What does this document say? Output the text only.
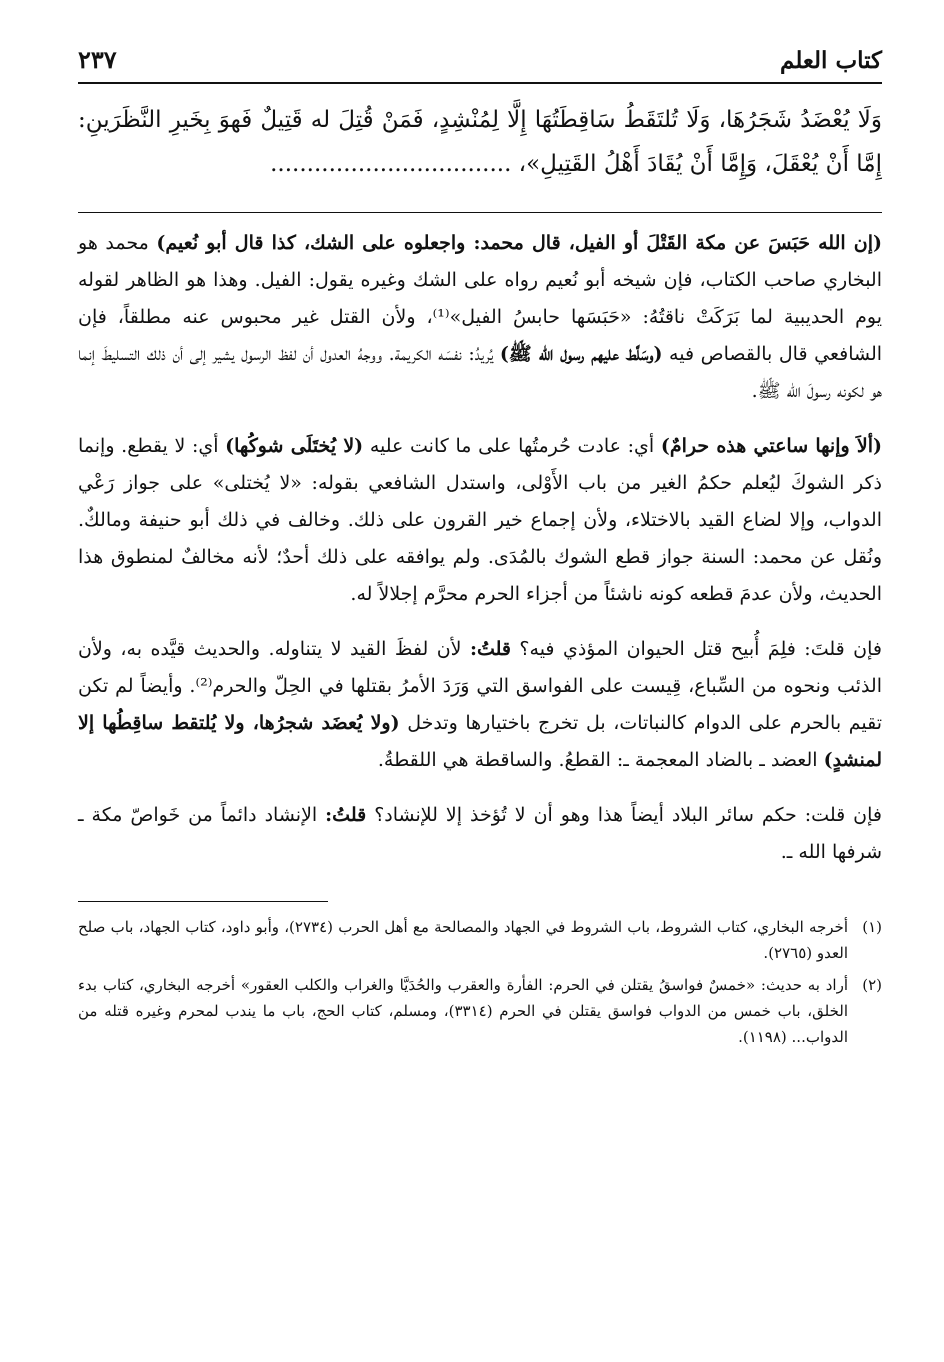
كتاب العلم
٢٣٧
وَلَا يُعْضَدُ شَجَرُهَا، وَلَا تُلتَقَطُ سَاقِطَتُهَا إِلَّا لِمُنْشِدٍ، فَمَنْ قُتِلَ له قَتِيلٌ فَهوَ بِخَيرِ النَّظَرَينِ: إِمَّا أَنْ يُعْقَلَ، وَإِمَّا أَنْ يُقَادَ أَهْلُ القَتِيلِ»، .................................

(إن الله حَبَسَ عن مكة القَتْلَ أو الفيل، قال محمد: واجعلوه على الشك، كذا قال أبو نُعيم) محمد هو البخاري صاحب الكتاب، فإن شيخه أبو نُعيم رواه على الشك وغيره يقول: الفيل. وهذا هو الظاهر لقوله يوم الحديبية لما بَرَكَتْ ناقتُهُ: «حَبَسَها حابسُ الفيل»⁽¹⁾، ولأن القتل غير محبوس عنه مطلقاً، فإن الشافعي قال بالقصاص فيه (وسَلَّط عليهم رسول الله ﷺ) يُريدُ: نفسَه الكريمة. ووجهُ العدول أن لفظ الرسول يشير إلى أن ذلك التسليطَ إنما هو لكونه رسولَ الله ﷺ.

(ألاَ وإنها ساعتي هذه حرامٌ) أي: عادت حُرمتُها على ما كانت عليه (لا يُختَلَى شوكُها) أي: لا يقطع. وإنما ذكر الشوكَ ليُعلم حكمُ الغير من باب الأَوْلى، واستدل الشافعي بقوله: «لا يُختلى» على جواز رَعْي الدواب، وإلا لضاع القيد بالاختلاء، ولأن إجماع خير القرون على ذلك. وخالف في ذلك أبو حنيفة ومالكٌ. ونُقل عن محمد: السنة جواز قطع الشوك بالمُدَى. ولم يوافقه على ذلك أحدٌ؛ لأنه مخالفٌ لمنطوق هذا الحديث، ولأن عدمَ قطعه كونه ناشئاً من أجزاء الحرم محرَّم إجلالاً له.

فإن قلتَ: فلِمَ أُبيح قتل الحيوان المؤذي فيه؟ قلتُ: لأن لفظَ القيد لا يتناوله. والحديث قيَّده به، ولأن الذئب ونحوه من السِّباع، قِيست على الفواسق التي وَرَدَ الأمرُ بقتلها في الحِلّ والحرم⁽²⁾. وأيضاً لم تكن تقيم بالحرم على الدوام كالنباتات، بل تخرج باختيارها وتدخل (ولا يُعضَد شجرُها، ولا يُلتقط ساقِطُها إلا لمنشدٍ) العضد ـ بالضاد المعجمة ـ: القطعُ. والساقطة هي اللقطةُ.

فإن قلت: حكم سائر البلاد أيضاً هذا وهو أن لا تُؤخذ إلا للإنشاد؟ قلتُ: الإنشاد دائماً من خَواصّ مكة ـ شرفها الله ـ.

(١)
أخرجه البخاري، كتاب الشروط، باب الشروط في الجهاد والمصالحة مع أهل الحرب (٢٧٣٤)، وأبو داود، كتاب الجهاد، باب صلح العدو (٢٧٦٥).
(٢)
أراد به حديث: «خمسٌ فواسقُ يقتلن في الحرم: الفأرة والعقرب والحُدَيَّا والغراب والكلب العقور» أخرجه البخاري، كتاب بدء الخلق، باب خمس من الدواب فواسق يقتلن في الحرم (٣٣١٤)، ومسلم، كتاب الحج، باب ما يندب لمحرم وغيره قتله من الدواب... (١١٩٨).
